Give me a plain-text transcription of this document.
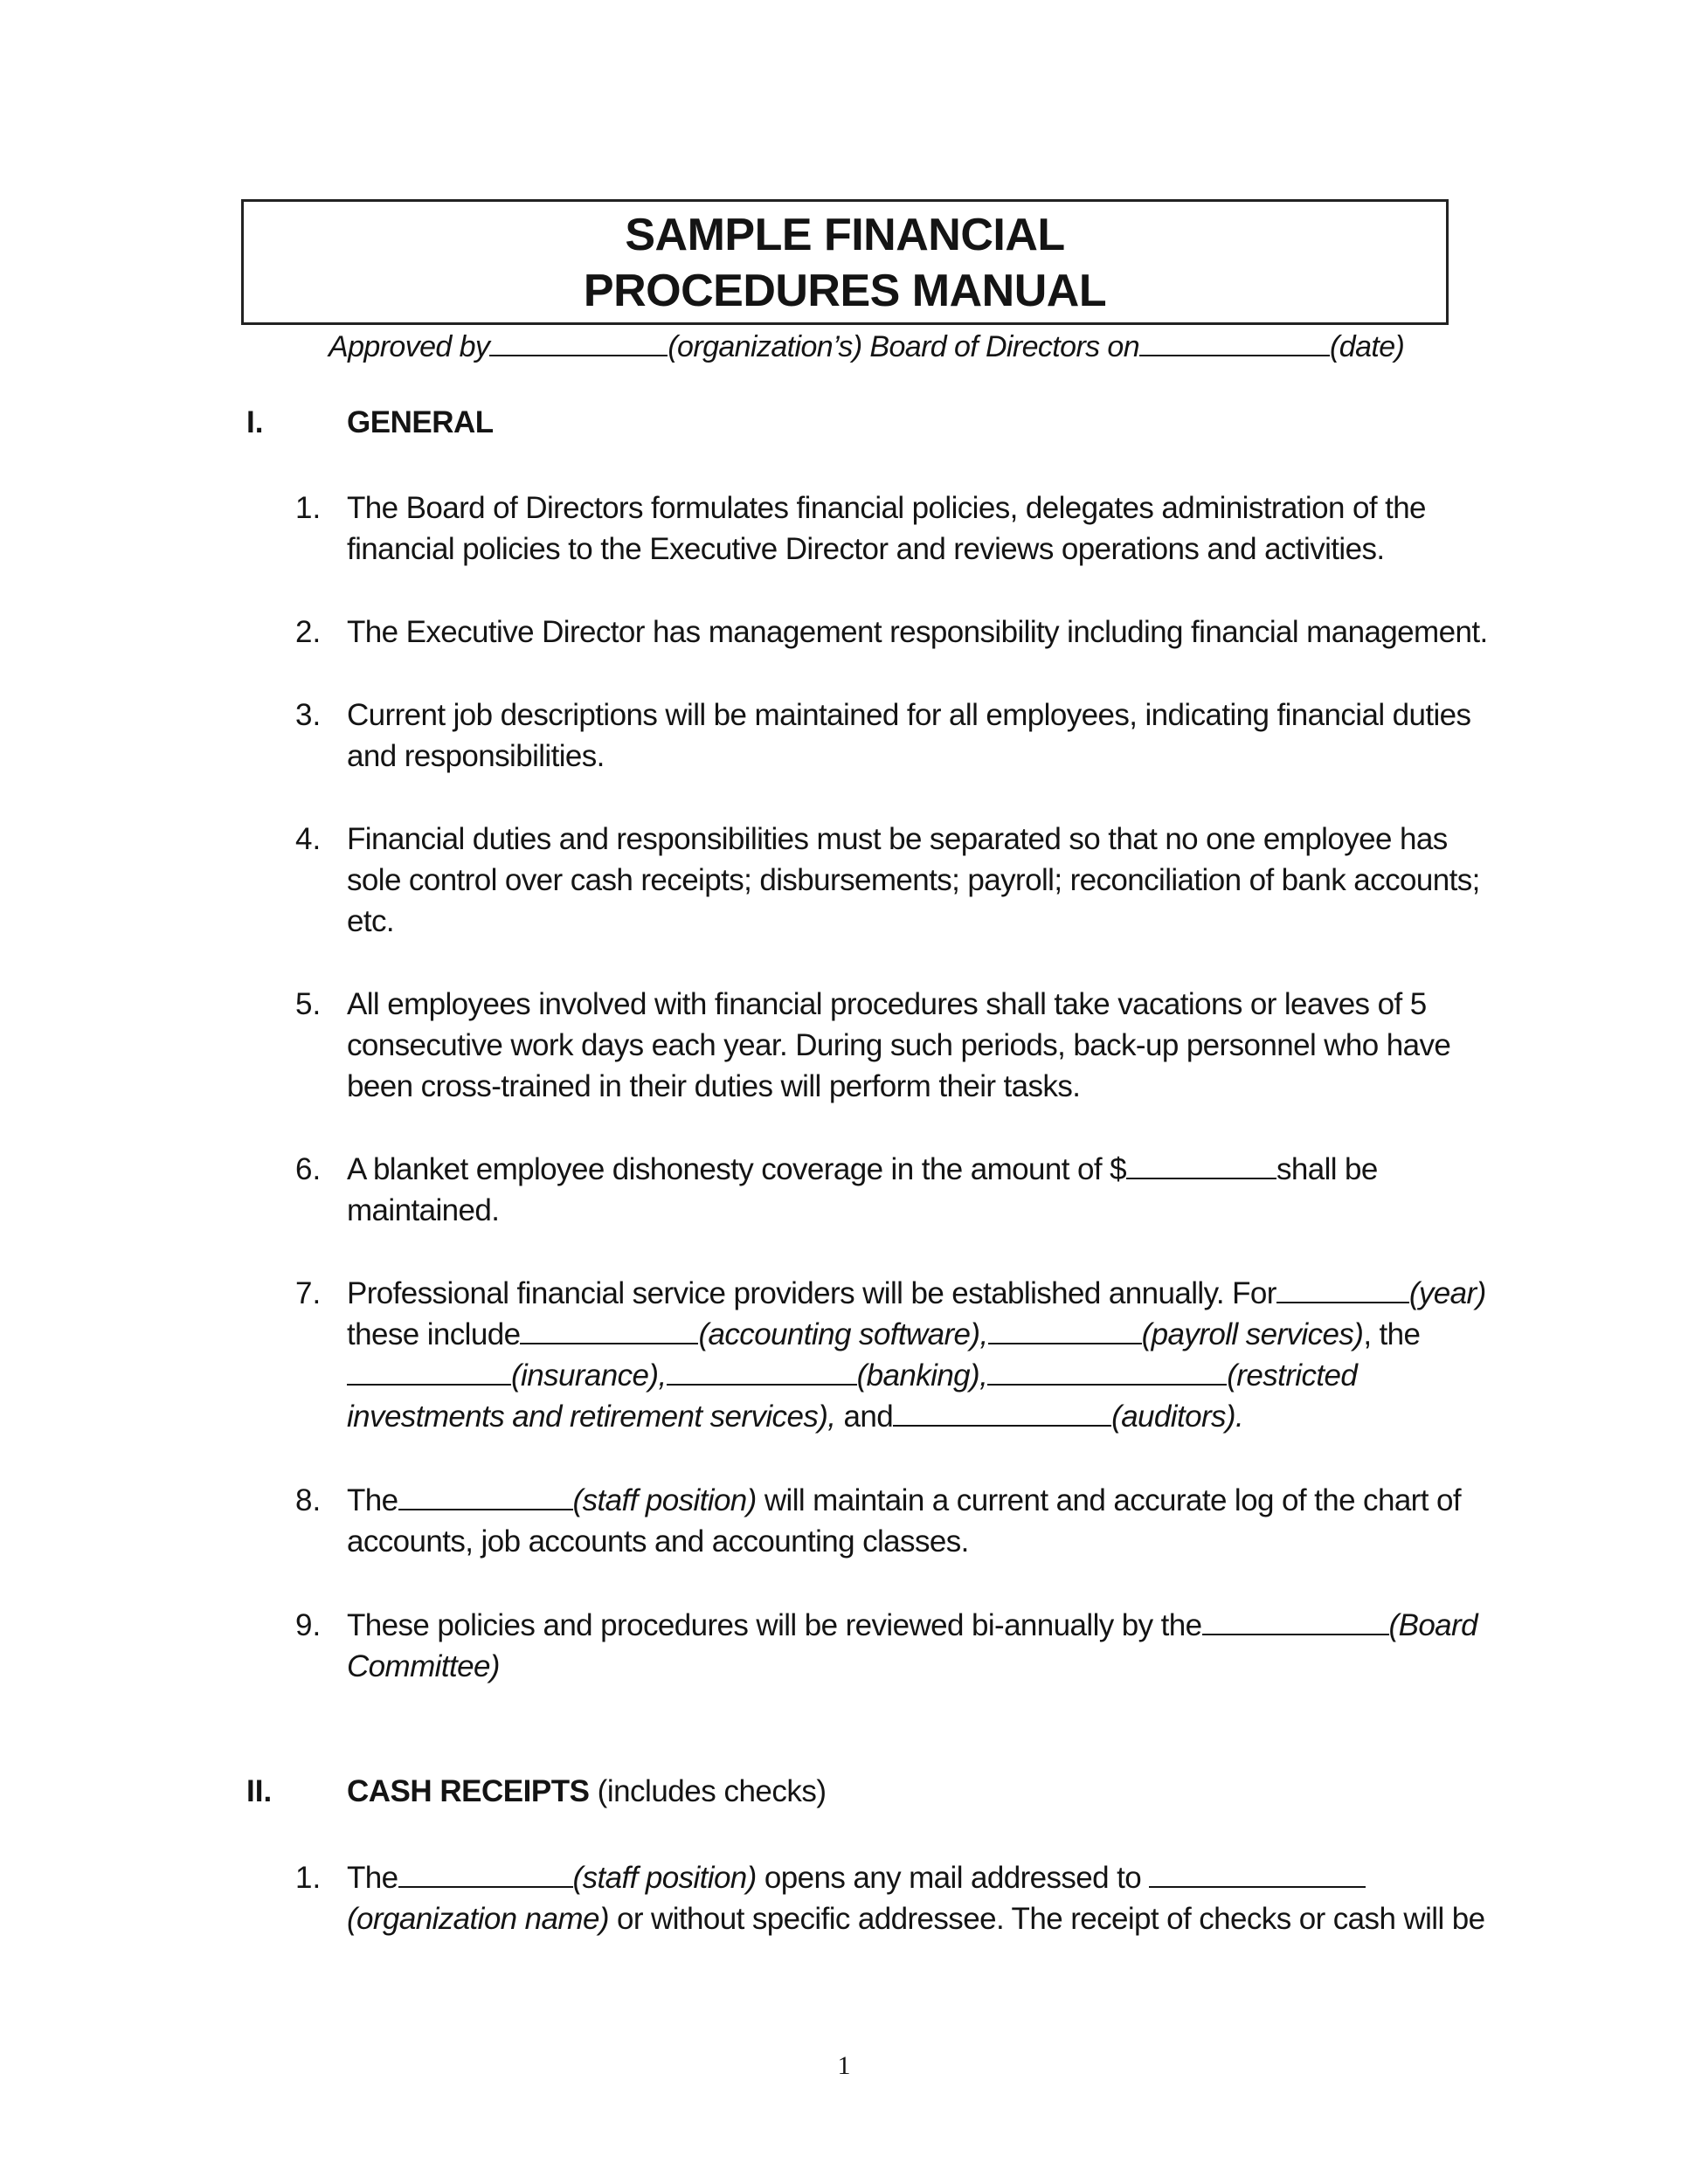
SAMPLE FINANCIAL
PROCEDURES MANUAL
Approved by	(organization’s) Board of Directors on	(date)
I.	GENERAL
1. The Board of Directors formulates financial policies, delegates administration of the
financial policies to the Executive Director and reviews operations and activities.
2. The Executive Director has management responsibility including financial management.
3. Current job descriptions will be maintained for all employees, indicating financial duties
and responsibilities.
4. Financial duties and responsibilities must be separated so that no one employee has
sole control over cash receipts; disbursements; payroll; reconciliation of bank accounts;
etc.
5. All employees involved with financial procedures shall take vacations or leaves of 5
consecutive work days each year. During such periods, back-up personnel who have
been cross-trained in their duties will perform their tasks.
6. A blanket employee dishonesty coverage in the amount of $	shall be
maintained.
7. Professional financial service providers will be established annually. For	(year)
these include	(accounting software),	(payroll services), the
(insurance),	(banking),	(restricted
investments and retirement services), and	(auditors).
8. The	(staff position) will maintain a current and accurate log of the chart of
accounts, job accounts and accounting classes.
9. These policies and procedures will be reviewed bi-annually by the	(Board
Committee)
II. CASH RECEIPTS (includes checks)
1. The	(staff position) opens any mail addressed to
(organization name) or without specific addressee. The receipt of checks or cash will be
1
